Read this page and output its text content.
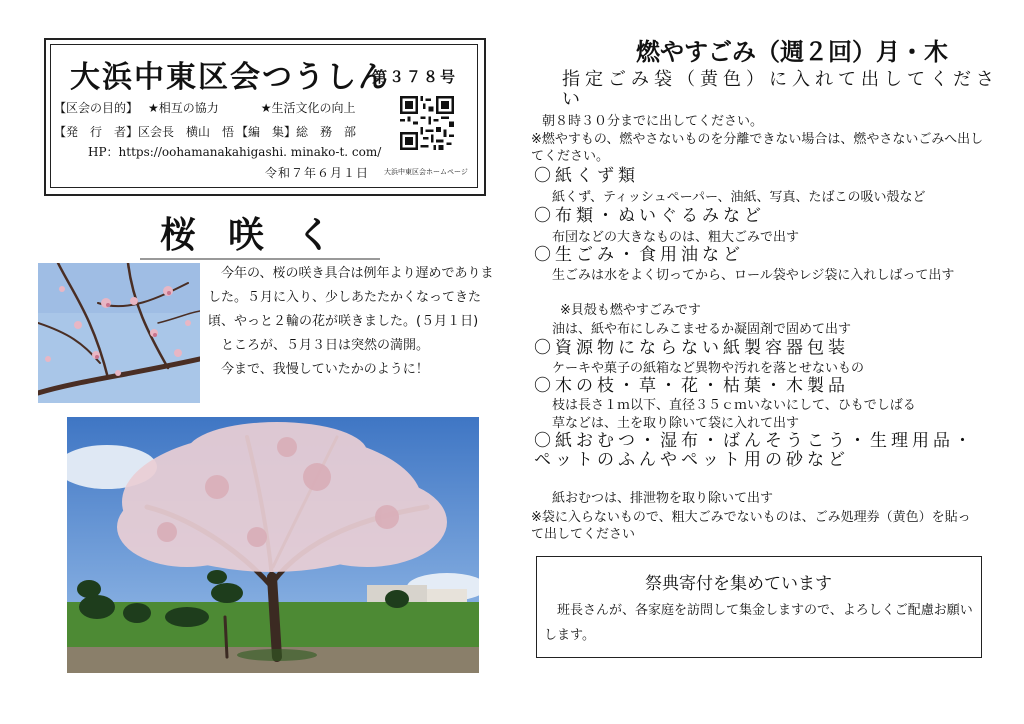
大浜中東区会つうしん
第３７８号
【区会の目的】 ★相互の協力	★生活文化の向上
【発　行　者】区会長　横山　悟 【編　集】総　務　部
HP：https://oohamanakahigashi. minako-t. com/
令和７年６月１日 大浜中東区会ホームページ
桜咲く

今年の、桜の咲き具合は例年より遅めでありました。５月に入り、少しあたたかくなってきた頃、やっと２輪の花が咲きました。(５月１日)

ところが、５月３日は突然の満開。

今まで、我慢していたかのように！

燃やすごみ（週２回）月・木
指定ごみ袋（黄色）に入れて出してください
朝８時３０分までに出してください。
※燃やすもの、燃やさないものを分離できない場合は、燃やさないごみへ出してください。
〇紙くず類
紙くず、ティッシュペーパー、油紙、写真、たばこの吸い殻など
〇布類・ぬいぐるみなど
布団などの大きなものは、粗大ごみで出す
〇生ごみ・食用油など
生ごみは水をよく切ってから、ロール袋やレジ袋に入れしばって出す
※貝殻も燃やすごみです
油は、紙や布にしみこませるか凝固剤で固めて出す
〇資源物にならない紙製容器包装
ケーキや菓子の紙箱など異物や汚れを落とせないもの
〇木の枝・草・花・枯葉・木製品
枝は長さ１ｍ以下、直径３５ｃｍいないにして、ひもでしばる
草などは、土を取り除いて袋に入れて出す
〇紙おむつ・湿布・ばんそうこう・生理用品・ペットのふんやペット用の砂など
紙おむつは、排泄物を取り除いて出す
※袋に入らないもので、粗大ごみでないものは、ごみ処理券（黄色）を貼って出してください
祭典寄付を集めています
班長さんが、各家庭を訪問して集金しますので、よろしくご配慮お願いします。
